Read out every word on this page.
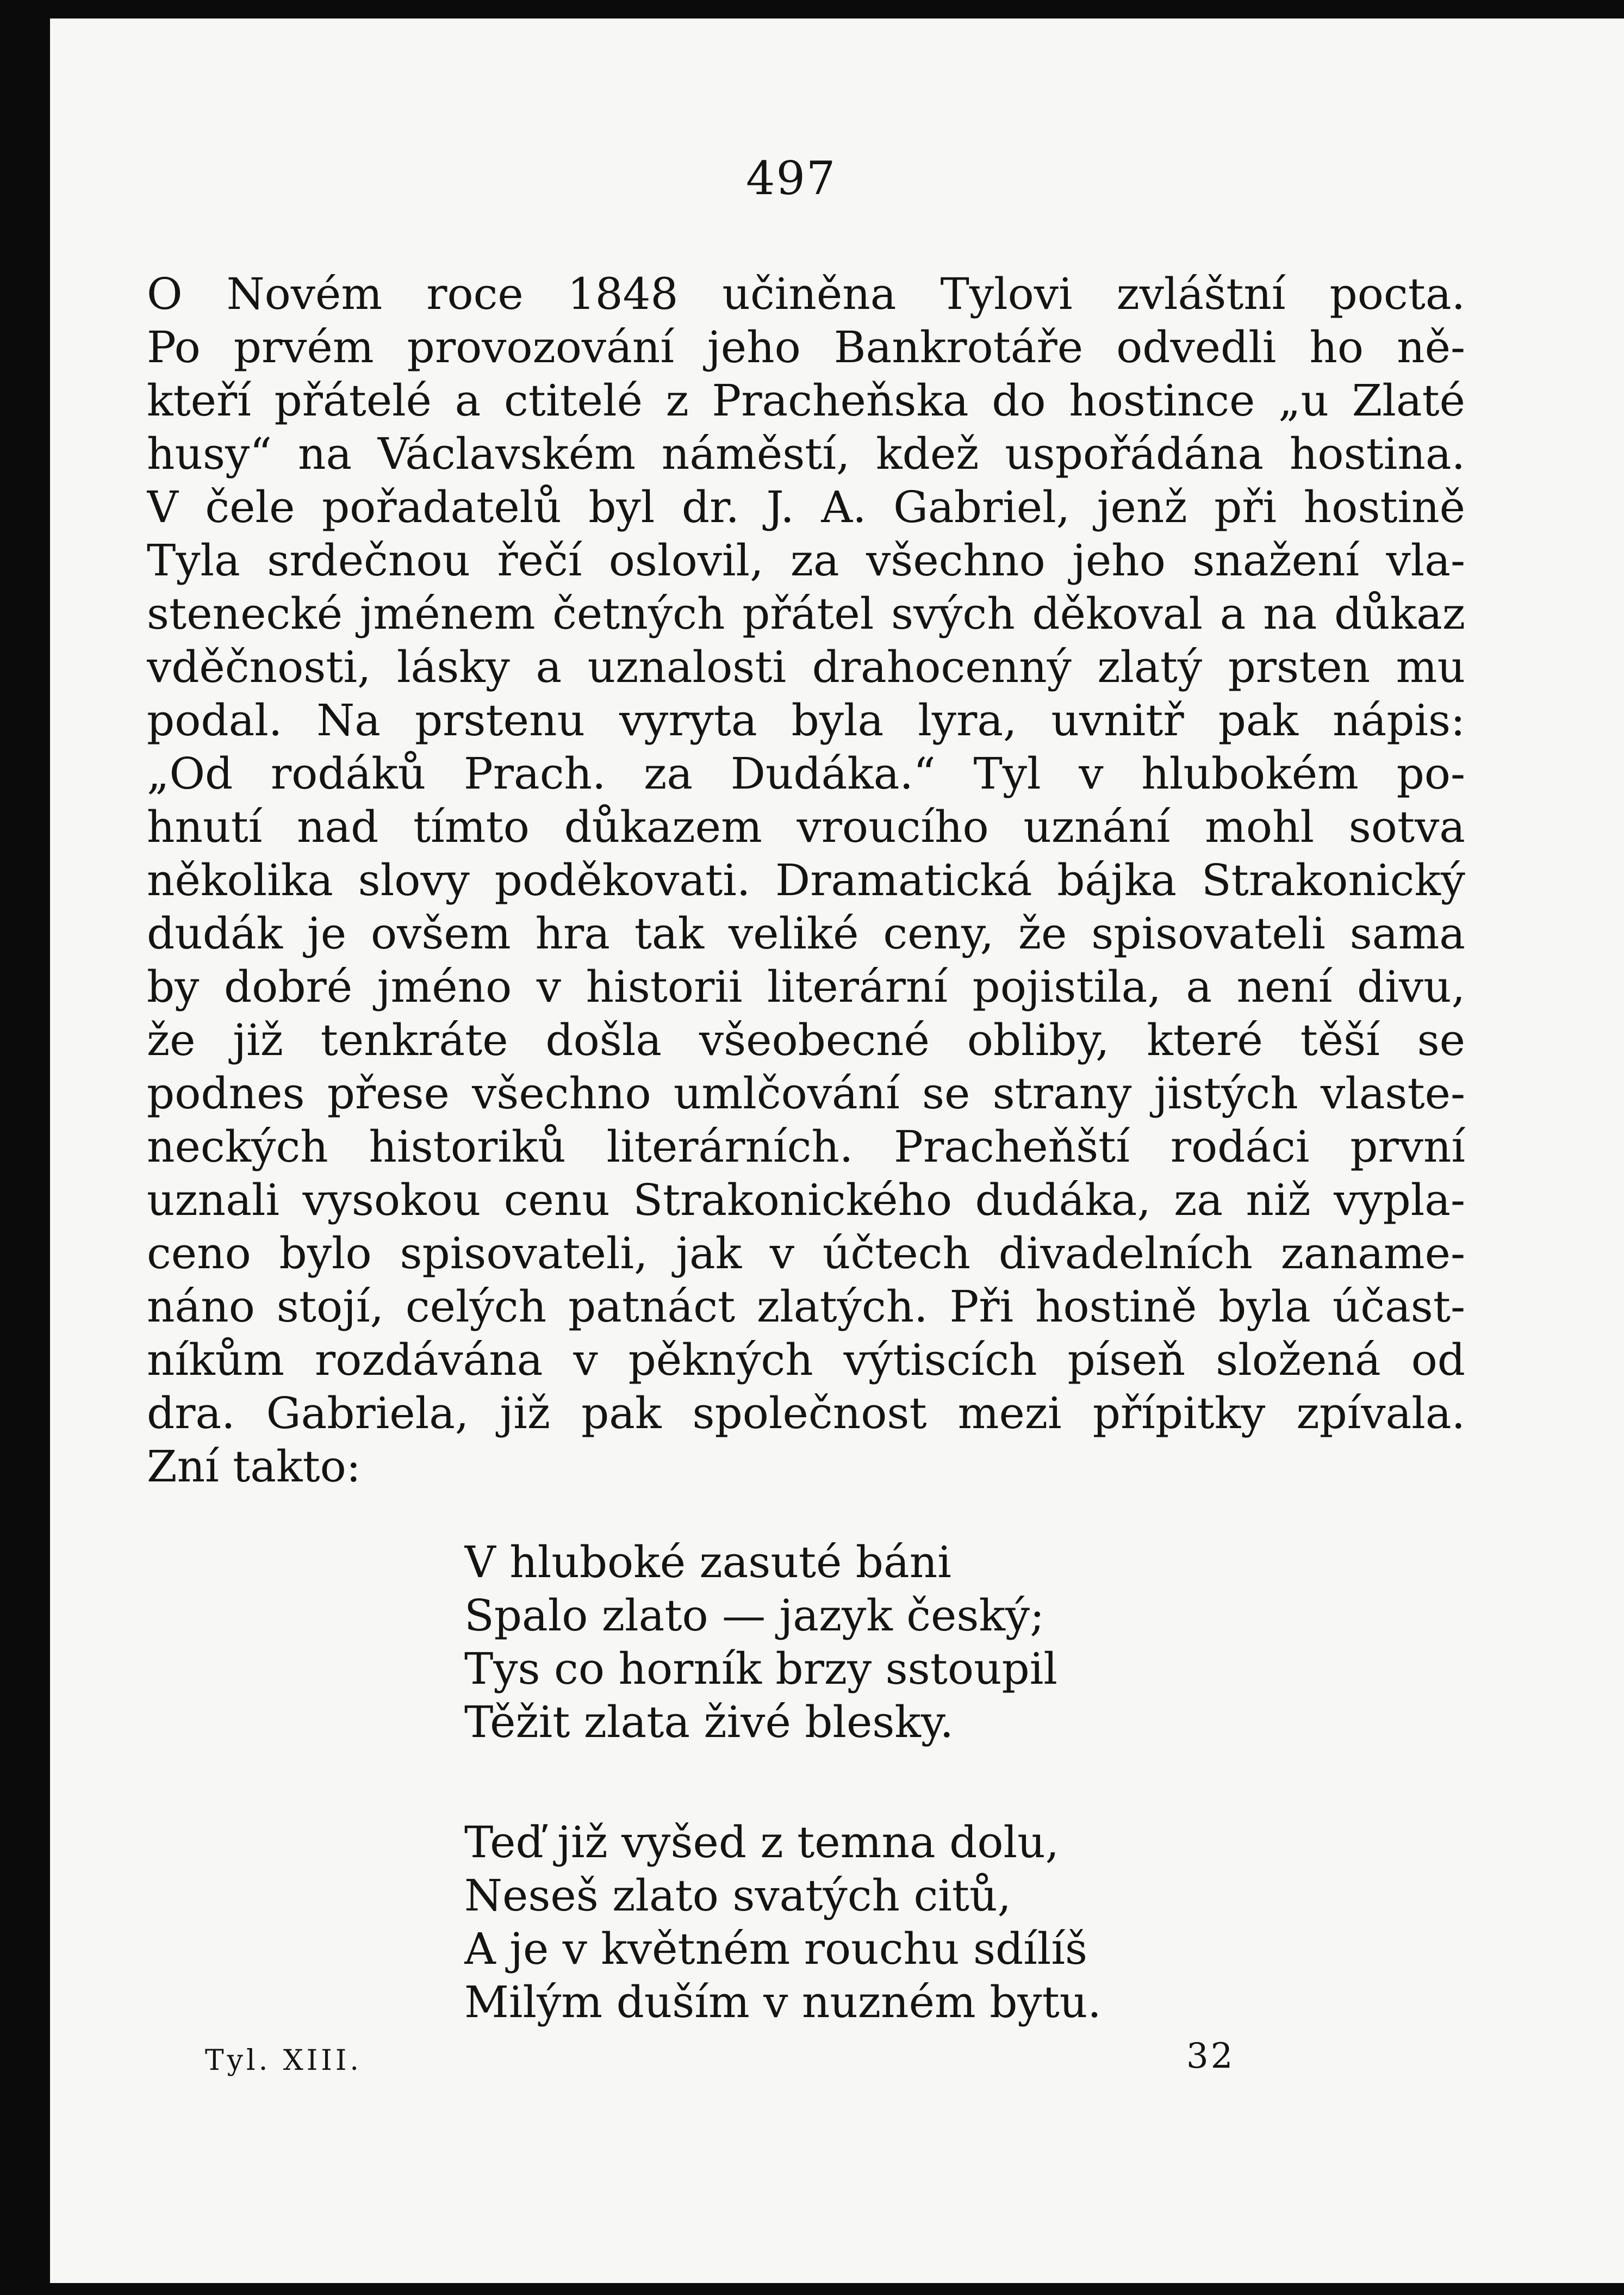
497
O Novém roce 1848 učiněna Tylovi zvláštní pocta.
Po prvém provozování jeho Bankrotáře odvedli ho ně-
kteří přátelé a ctitelé z Pracheňska do hostince „u Zlaté
husy“ na Václavském náměstí, kdež uspořádána hostina.
V čele pořadatelů byl dr. J. A. Gabriel, jenž při hostině
Tyla srdečnou řečí oslovil, za všechno jeho snažení vla-
stenecké jménem četných přátel svých děkoval a na důkaz
vděčnosti, lásky a uznalosti drahocenný zlatý prsten mu
podal. Na prstenu vyryta byla lyra, uvnitř pak nápis:
„Od rodáků Prach. za Dudáka.“ Tyl v hlubokém po-
hnutí nad tímto důkazem vroucího uznání mohl sotva
několika slovy poděkovati. Dramatická bájka Strakonický
dudák je ovšem hra tak veliké ceny, že spisovateli sama
by dobré jméno v historii literární pojistila, a není divu,
že již tenkráte došla všeobecné obliby, které těší se
podnes přese všechno umlčování se strany jistých vlaste-
neckých historiků literárních. Pracheňští rodáci první
uznali vysokou cenu Strakonického dudáka, za niž vypla-
ceno bylo spisovateli, jak v účtech divadelních zaname-
náno stojí, celých patnáct zlatých. Při hostině byla účast-
níkům rozdávána v pěkných výtiscích píseň složená od
dra. Gabriela, již pak společnost mezi přípitky zpívala.
Zní takto:
V hluboké zasuté báni
Spalo zlato — jazyk český;
Tys co horník brzy sstoupil
Těžit zlata živé blesky.
Teď již vyšed z temna dolu,
Neseš zlato svatých citů,
A je v květném rouchu sdílíš
Milým duším v nuzném bytu.
Tyl. XIII.	32
